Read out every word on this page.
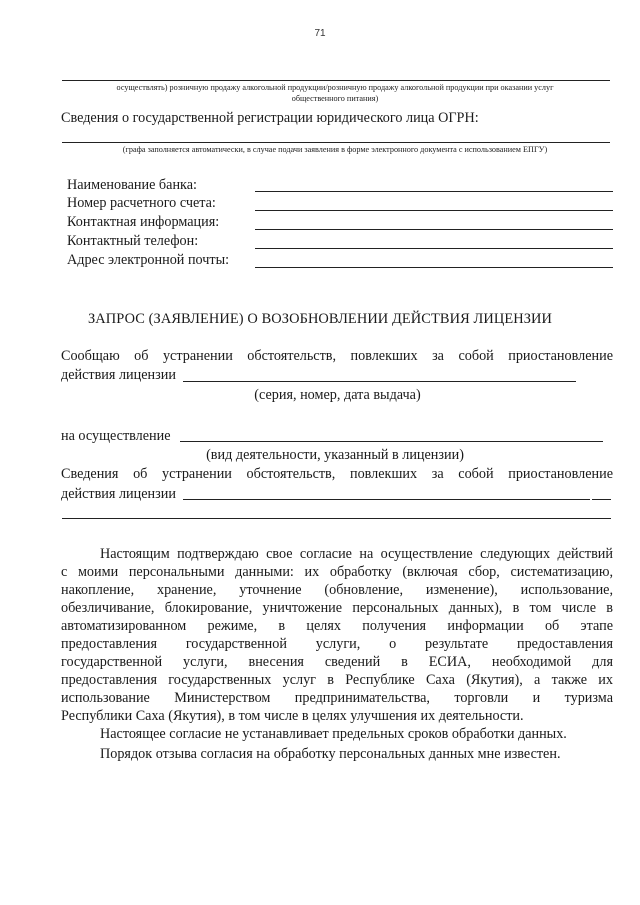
71
осуществлять) розничную продажу алкогольной продукции/розничную продажу алкогольной продукции при оказании услуг
общественного питания)
Сведения о государственной регистрации юридического лица ОГРН:
(графа заполняется автоматически, в случае подачи заявления в форме электронного документа с использованием ЕПГУ)
Наименование банка:
Номер расчетного счета:
Контактная информация:
Контактный телефон:
Адрес электронной почты:
ЗАПРОС (ЗАЯВЛЕНИЕ) О ВОЗОБНОВЛЕНИИ ДЕЙСТВИЯ ЛИЦЕНЗИИ
Сообщаю об устранении обстоятельств, повлекших за собой приостановление
действия лицензии
(серия, номер, дата выдача)
на осуществление
(вид деятельности, указанный в лицензии)
Сведения об устранении обстоятельств, повлекших за собой приостановление
действия лицензии
Настоящим подтверждаю свое согласие на осуществление следующих действий
с моими персональными данными: их обработку (включая сбор, систематизацию,
накопление, хранение, уточнение (обновление, изменение), использование,
обезличивание, блокирование, уничтожение персональных данных), в том числе в
автоматизированном режиме, в целях получения информации об этапе
предоставления государственной услуги, о результате предоставления
государственной услуги, внесения сведений в ЕСИА, необходимой для
предоставления государственных услуг в Республике Саха (Якутия), а также их
использование Министерством предпринимательства, торговли и туризма
Республики Саха (Якутия), в том числе в целях улучшения их деятельности.
Настоящее согласие не устанавливает предельных сроков обработки данных.
Порядок отзыва согласия на обработку персональных данных мне известен.
